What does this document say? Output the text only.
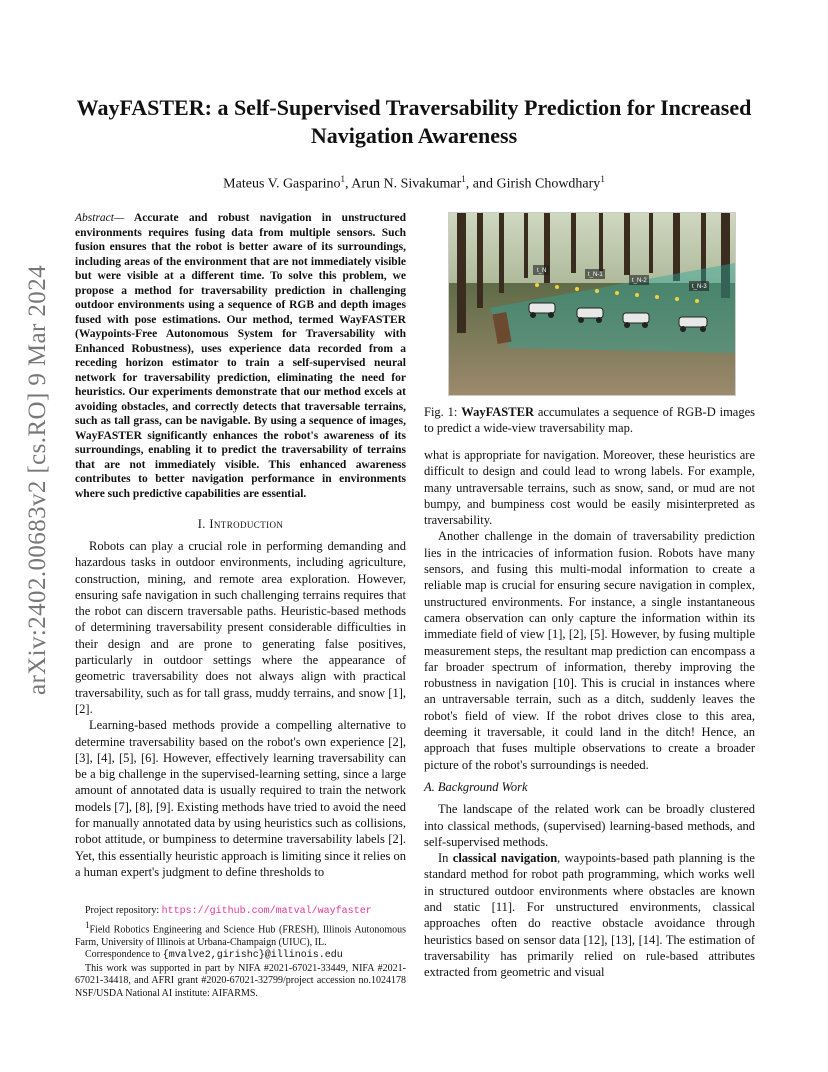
WayFASTER: a Self-Supervised Traversability Prediction for Increased Navigation Awareness
Mateus V. Gasparino$^1$, Arun N. Sivakumar$^1$, and Girish Chowdhary$^1$
arXiv:2402.00683v2 [cs.RO] 9 Mar 2024
Abstract— Accurate and robust navigation in unstructured environments requires fusing data from multiple sensors. Such fusion ensures that the robot is better aware of its surroundings, including areas of the environment that are not immediately visible but were visible at a different time. To solve this problem, we propose a method for traversability prediction in challenging outdoor environments using a sequence of RGB and depth images fused with pose estimations. Our method, termed WayFASTER (Waypoints-Free Autonomous System for Traversability with Enhanced Robustness), uses experience data recorded from a receding horizon estimator to train a self-supervised neural network for traversability prediction, eliminating the need for heuristics. Our experiments demonstrate that our method excels at avoiding obstacles, and correctly detects that traversable terrains, such as tall grass, can be navigable. By using a sequence of images, WayFASTER significantly enhances the robot's awareness of its surroundings, enabling it to predict the traversability of terrains that are not immediately visible. This enhanced awareness contributes to better navigation performance in environments where such predictive capabilities are essential.
I. Introduction

Robots can play a crucial role in performing demanding and hazardous tasks in outdoor environments, including agriculture, construction, mining, and remote area exploration. However, ensuring safe navigation in such challenging terrains requires that the robot can discern traversable paths. Heuristic-based methods of determining traversability present considerable difficulties in their design and are prone to generating false positives, particularly in outdoor settings where the appearance of geometric traversability does not always align with practical traversability, such as for tall grass, muddy terrains, and snow [1], [2].

Learning-based methods provide a compelling alternative to determine traversability based on the robot's own experience [2], [3], [4], [5], [6]. However, effectively learning traversability can be a big challenge in the supervised-learning setting, since a large amount of annotated data is usually required to train the network models [7], [8], [9]. Existing methods have tried to avoid the need for manually annotated data by using heuristics such as collisions, robot attitude, or bumpiness to determine traversability labels [2]. Yet, this essentially heuristic approach is limiting since it relies on a human expert's judgment to define thresholds to

Project repository: https://github.com/matval/wayfaster

$^1$Field Robotics Engineering and Science Hub (FRESH), Illinois Autonomous Farm, University of Illinois at Urbana-Champaign (UIUC), IL.

Correspondence to {mvalve2,girishc}@illinois.edu

This work was supported in part by NIFA #2021-67021-33449, NIFA #2021-67021-34418, and AFRI grant #2020-67021-32799/project accession no.1024178 NSF/USDA National AI institute: AIFARMS.

t_N
t_N-1
t_N-2
t_N-3
Fig. 1: WayFASTER accumulates a sequence of RGB-D images to predict a wide-view traversability map.

what is appropriate for navigation. Moreover, these heuristics are difficult to design and could lead to wrong labels. For example, many untraversable terrains, such as snow, sand, or mud are not bumpy, and bumpiness cost would be easily misinterpreted as traversability.

Another challenge in the domain of traversability prediction lies in the intricacies of information fusion. Robots have many sensors, and fusing this multi-modal information to create a reliable map is crucial for ensuring secure navigation in complex, unstructured environments. For instance, a single instantaneous camera observation can only capture the information within its immediate field of view [1], [2], [5]. However, by fusing multiple measurement steps, the resultant map prediction can encompass a far broader spectrum of information, thereby improving the robustness in navigation [10]. This is crucial in instances where an untraversable terrain, such as a ditch, suddenly leaves the robot's field of view. If the robot drives close to this area, deeming it traversable, it could land in the ditch! Hence, an approach that fuses multiple observations to create a broader picture of the robot's surroundings is needed.

A. Background Work

The landscape of the related work can be broadly clustered into classical methods, (supervised) learning-based methods, and self-supervised methods.

In classical navigation, waypoints-based path planning is the standard method for robot path programming, which works well in structured outdoor environments where obstacles are known and static [11]. For unstructured environments, classical approaches often do reactive obstacle avoidance through heuristics based on sensor data [12], [13], [14]. The estimation of traversability has primarily relied on rule-based attributes extracted from geometric and visual
